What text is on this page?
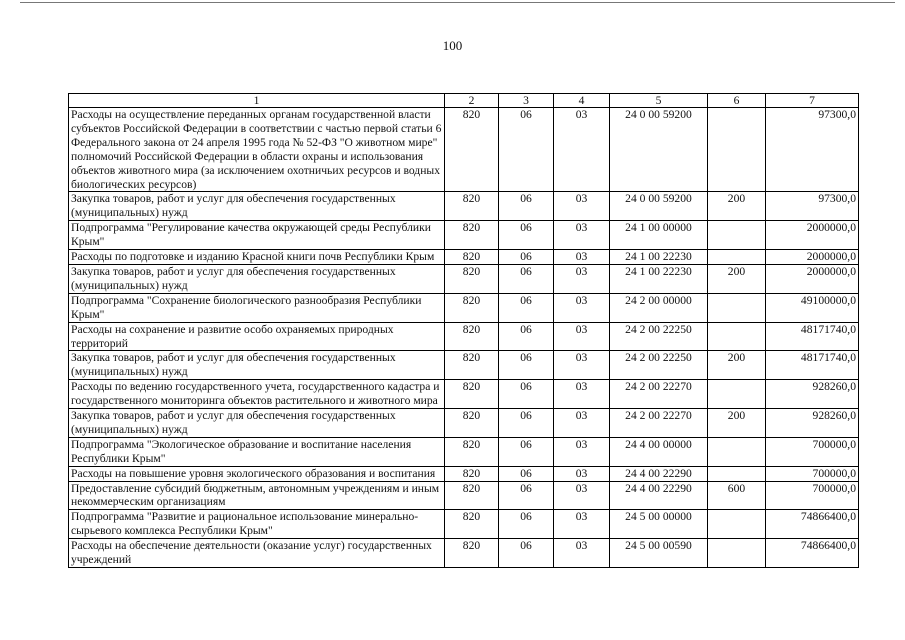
100
1	2	3	4	5	6	7
Расходы на осуществление переданных органам государственной власти субъектов Российской Федерации в соответствии с частью первой статьи 6 Федерального закона от 24 апреля 1995 года № 52-ФЗ "О животном мире" полномочий Российской Федерации в области охраны и использования объектов животного мира (за исключением охотничьих ресурсов и водных биологических ресурсов)	820	06	03	24 0 00 59200		97300,0
Закупка товаров, работ и услуг для обеспечения государственных (муниципальных) нужд	820	06	03	24 0 00 59200	200	97300,0
Подпрограмма "Регулирование качества окружающей среды Республики Крым"	820	06	03	24 1 00 00000		2000000,0
Расходы по подготовке и изданию Красной книги почв Республики Крым	820	06	03	24 1 00 22230		2000000,0
Закупка товаров, работ и услуг для обеспечения государственных (муниципальных) нужд	820	06	03	24 1 00 22230	200	2000000,0
Подпрограмма "Сохранение биологического разнообразия Республики Крым"	820	06	03	24 2 00 00000		49100000,0
Расходы на сохранение и развитие особо охраняемых природных территорий	820	06	03	24 2 00 22250		48171740,0
Закупка товаров, работ и услуг для обеспечения государственных (муниципальных) нужд	820	06	03	24 2 00 22250	200	48171740,0
Расходы по ведению государственного учета, государственного кадастра и государственного мониторинга объектов растительного и животного мира	820	06	03	24 2 00 22270		928260,0
Закупка товаров, работ и услуг для обеспечения государственных (муниципальных) нужд	820	06	03	24 2 00 22270	200	928260,0
Подпрограмма "Экологическое образование и воспитание населения Республики Крым"	820	06	03	24 4 00 00000		700000,0
Расходы на повышение уровня экологического образования и воспитания	820	06	03	24 4 00 22290		700000,0
Предоставление субсидий бюджетным, автономным учреждениям и иным некоммерческим организациям	820	06	03	24 4 00 22290	600	700000,0
Подпрограмма "Развитие и рациональное использование минерально-сырьевого комплекса Республики Крым"	820	06	03	24 5 00 00000		74866400,0
Расходы на обеспечение деятельности (оказание услуг) государственных учреждений	820	06	03	24 5 00 00590		74866400,0
